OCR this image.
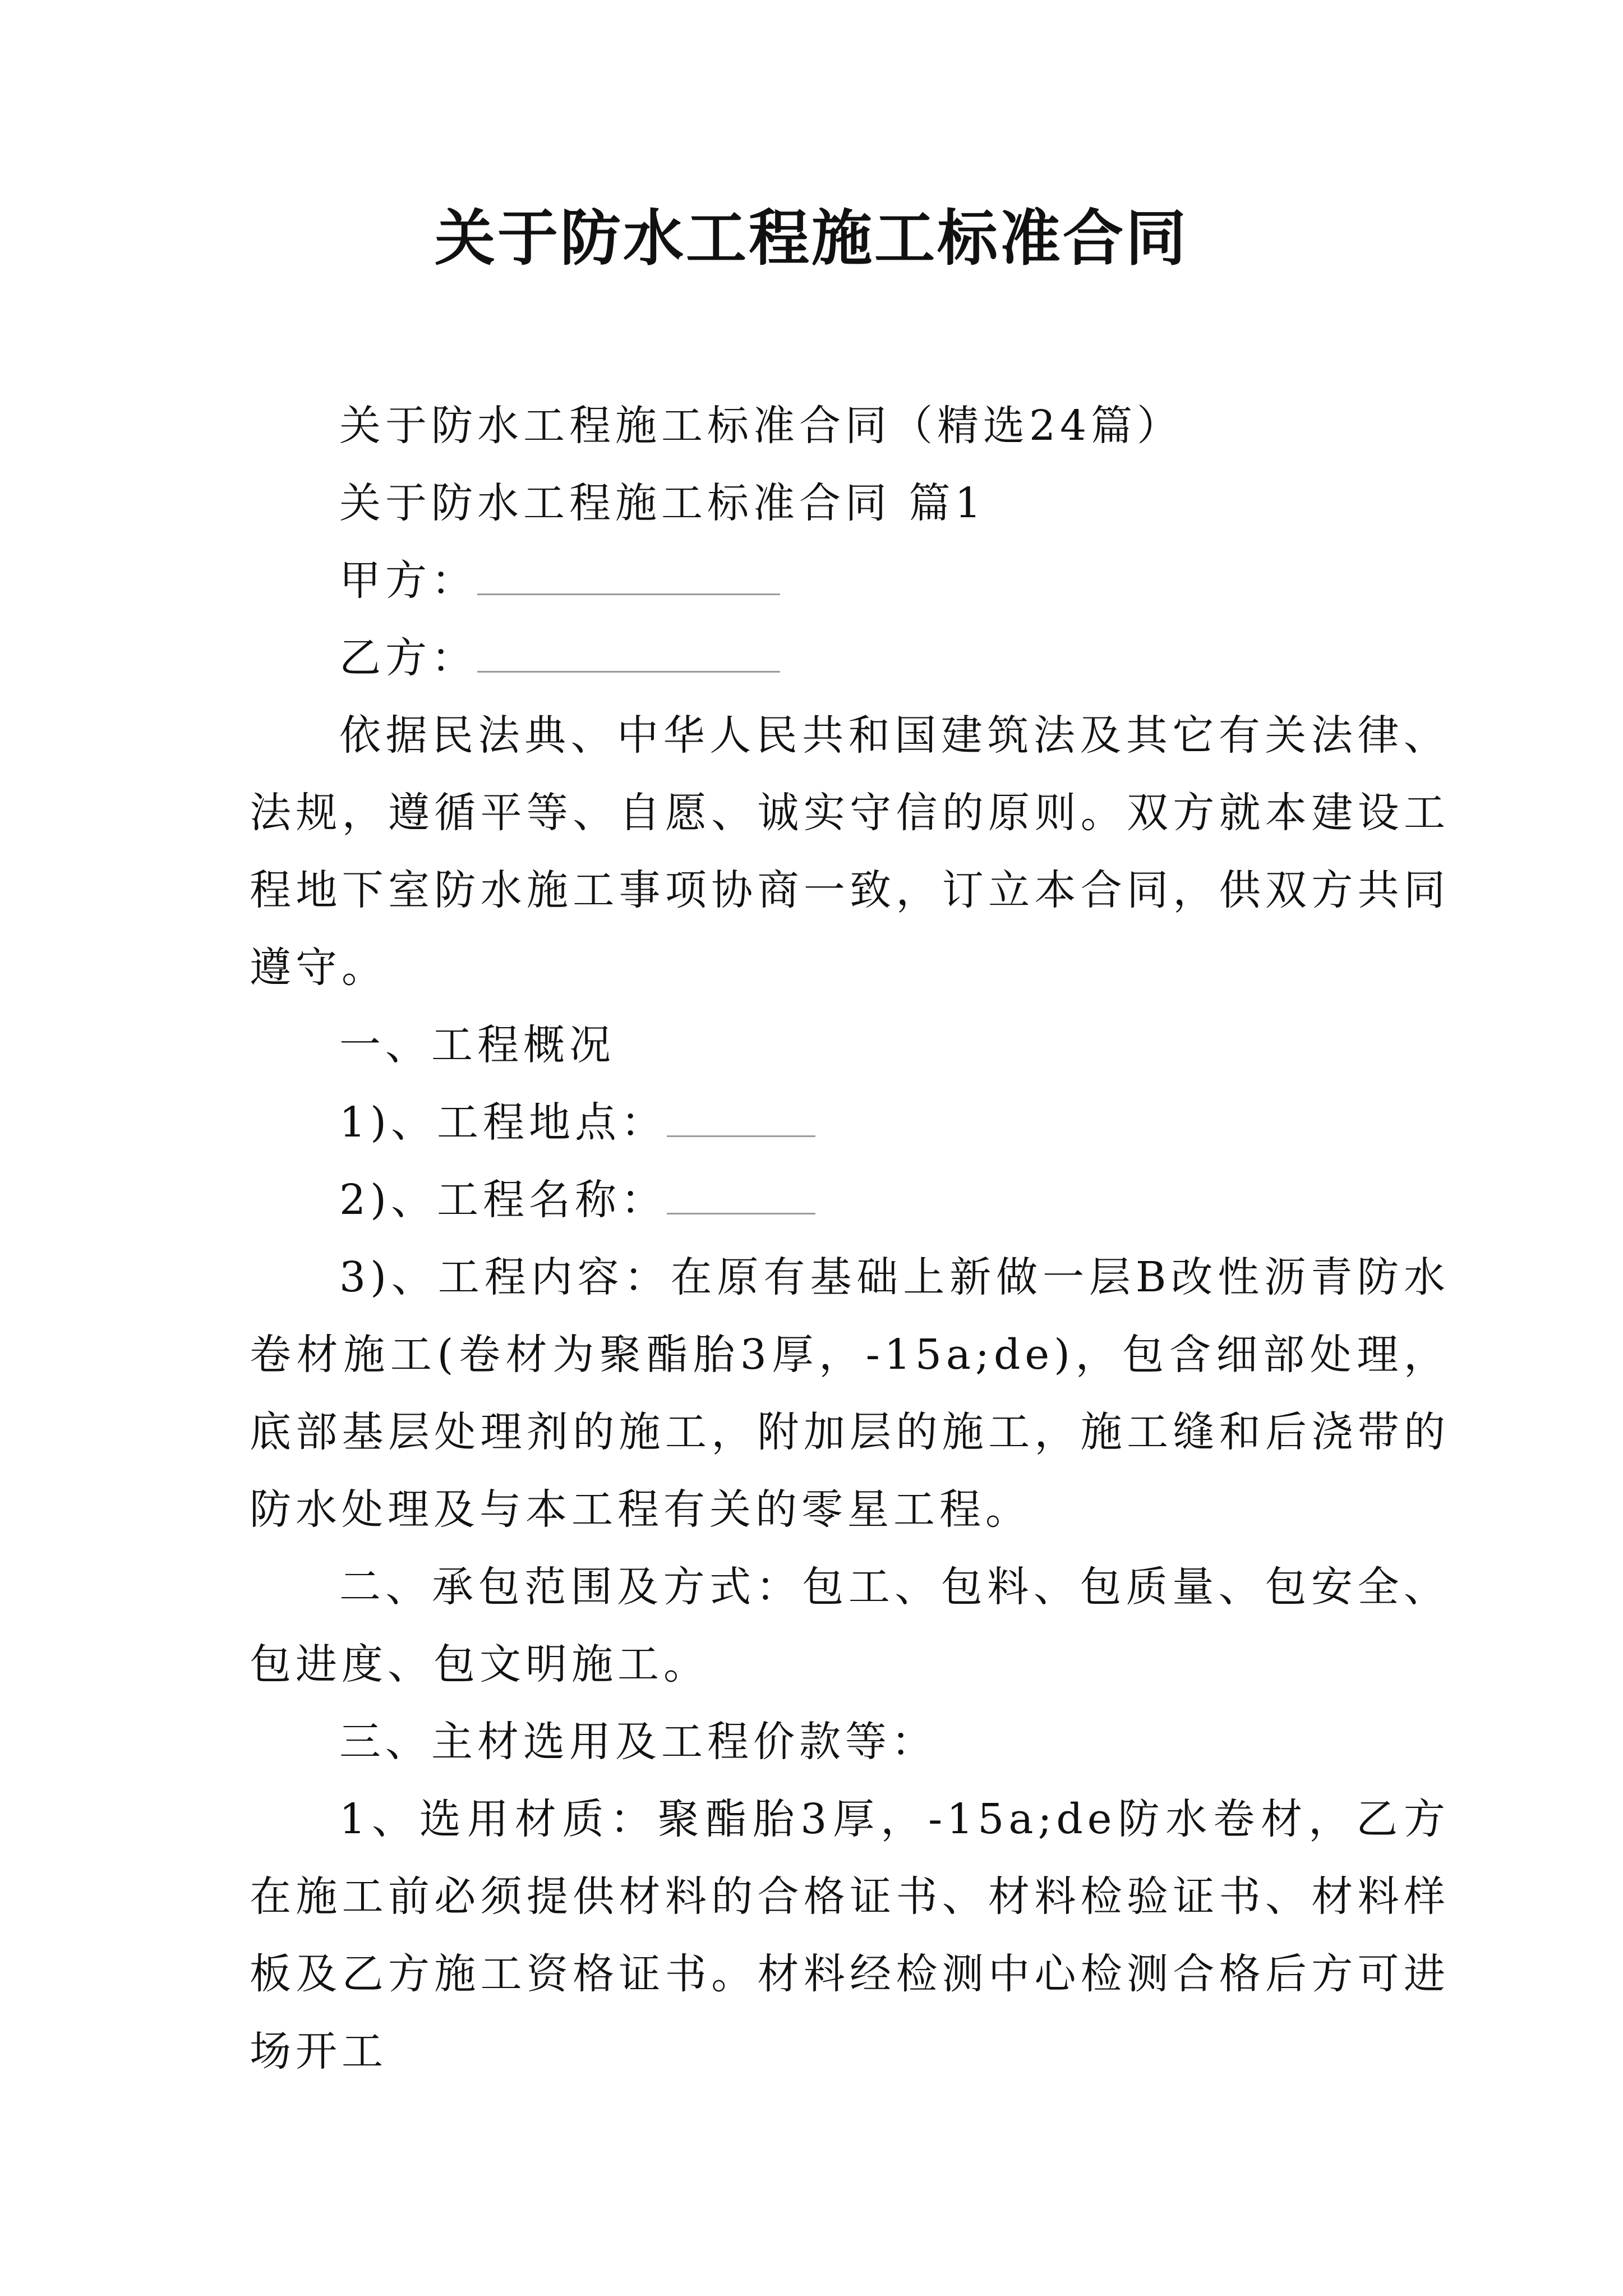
关于防水工程施工标准合同

关于防水工程施工标准合同（精选24篇）

关于防水工程施工标准合同 篇1

甲方：

乙方：

依据民法典、中华人民共和国建筑法及其它有关法律、法规，遵循平等、自愿、诚实守信的原则。双方就本建设工程地下室防水施工事项协商一致，订立本合同，供双方共同遵守。

一、工程概况

1)、工程地点：

2)、工程名称：

3)、工程内容：在原有基础上新做一层B改性沥青防水卷材施工(卷材为聚酯胎3厚，-15a;de)，包含细部处理，底部基层处理剂的施工，附加层的施工，施工缝和后浇带的防水处理及与本工程有关的零星工程。

二、承包范围及方式：包工、包料、包质量、包安全、包进度、包文明施工。

三、主材选用及工程价款等：

1、选用材质：聚酯胎3厚，-15a;de防水卷材，乙方在施工前必须提供材料的合格证书、材料检验证书、材料样板及乙方施工资格证书。材料经检测中心检测合格后方可进场开工
